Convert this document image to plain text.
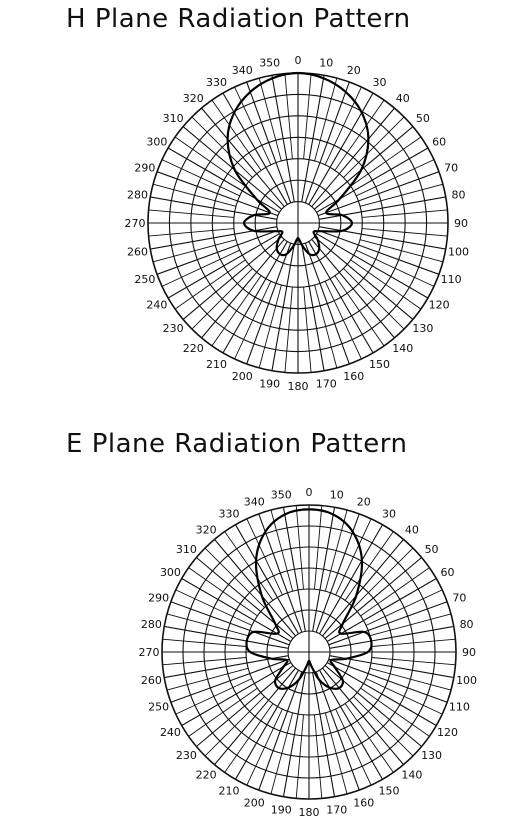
H Plane Radiation Pattern
0 10
20
30
40
50
60
70
80
90
100
110
120
130
140
150
160
170
180
190
200
210
220
230
240
250
260
270
280
290
300
310
320
330
340
350
E Plane Radiation Pattern
0 10
20
30
40
50
60
70
80
90
100
110
120
130
140
150
160
170
180
190
200
210
220
230
240
250
260
270
280
290
300
310
320
330
340
350
